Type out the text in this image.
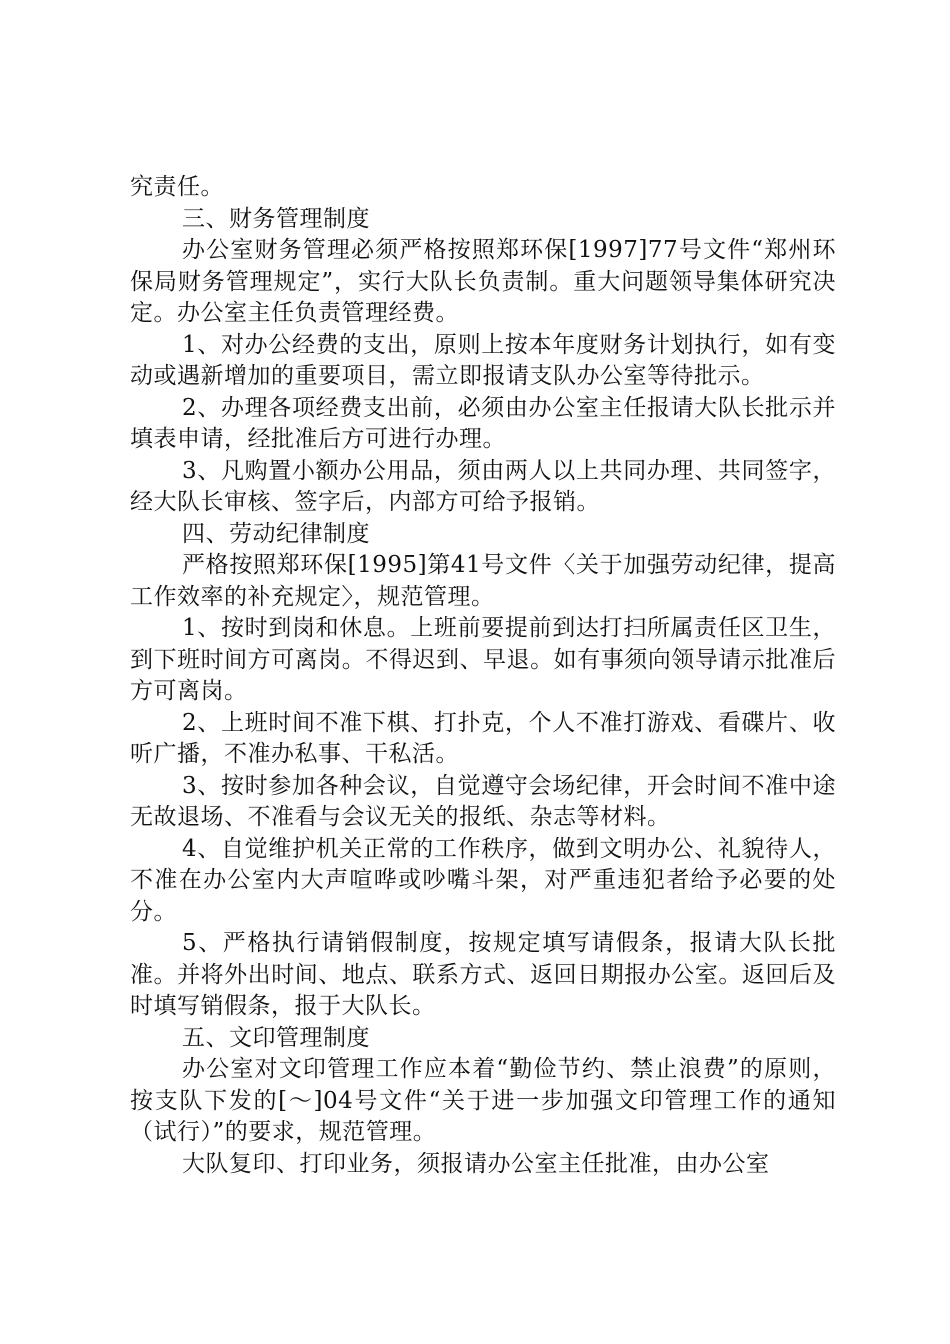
究责任。

三、财务管理制度

办公室财务管理必须严格按照郑环保[1997]77号文件“郑州环保局财务管理规定”，实行大队长负责制。重大问题领导集体研究决定。办公室主任负责管理经费。

1、对办公经费的支出，原则上按本年度财务计划执行，如有变动或遇新增加的重要项目，需立即报请支队办公室等待批示。

2、办理各项经费支出前，必须由办公室主任报请大队长批示并填表申请，经批准后方可进行办理。

3、凡购置小额办公用品，须由两人以上共同办理、共同签字，经大队长审核、签字后，内部方可给予报销。

四、劳动纪律制度

严格按照郑环保[1995]第41号文件〈关于加强劳动纪律，提高工作效率的补充规定〉，规范管理。

1、按时到岗和休息。上班前要提前到达打扫所属责任区卫生，到下班时间方可离岗。不得迟到、早退。如有事须向领导请示批准后方可离岗。

2、上班时间不准下棋、打扑克，个人不准打游戏、看碟片、收听广播，不准办私事、干私活。

3、按时参加各种会议，自觉遵守会场纪律，开会时间不准中途无故退场、不准看与会议无关的报纸、杂志等材料。

4、自觉维护机关正常的工作秩序，做到文明办公、礼貌待人，不准在办公室内大声喧哗或吵嘴斗架，对严重违犯者给予必要的处分。

5、严格执行请销假制度，按规定填写请假条，报请大队长批准。并将外出时间、地点、联系方式、返回日期报办公室。返回后及时填写销假条，报于大队长。

五、文印管理制度

办公室对文印管理工作应本着“勤俭节约、禁止浪费”的原则，按支队下发的[～]04号文件“关于进一步加强文印管理工作的通知（试行）”的要求，规范管理。

大队复印、打印业务，须报请办公室主任批准，由办公室
